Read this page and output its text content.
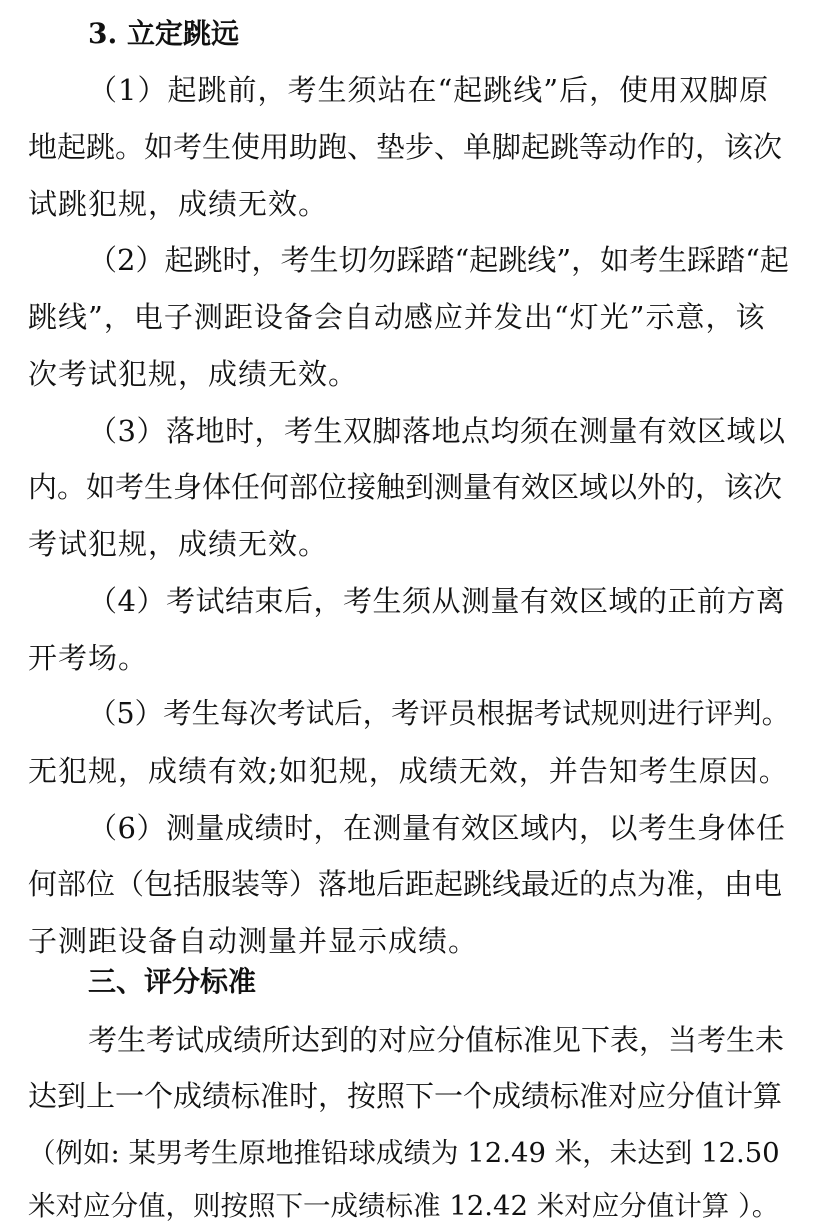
3. 立定跳远
（1）起跳前，考生须站在“起跳线”后，使用双脚原
地起跳。如考生使用助跑、垫步、单脚起跳等动作的，该次
试跳犯规，成绩无效。
（2）起跳时，考生切勿踩踏“起跳线”，如考生踩踏“起
跳线”，电子测距设备会自动感应并发出“灯光”示意，该
次考试犯规，成绩无效。
（3）落地时，考生双脚落地点均须在测量有效区域以
内。如考生身体任何部位接触到测量有效区域以外的，该次
考试犯规，成绩无效。
（4）考试结束后，考生须从测量有效区域的正前方离
开考场。
（5）考生每次考试后，考评员根据考试规则进行评判。
无犯规，成绩有效;如犯规，成绩无效，并告知考生原因。
（6）测量成绩时，在测量有效区域内，以考生身体任
何部位（包括服装等）落地后距起跳线最近的点为准，由电
子测距设备自动测量并显示成绩。
三、评分标准
考生考试成绩所达到的对应分值标准见下表，当考生未
达到上一个成绩标准时，按照下一个成绩标准对应分值计算
（例如: 某男考生原地推铅球成绩为 12.49 米，未达到 12.50
米对应分值，则按照下一成绩标准 12.42 米对应分值计算 ）。
